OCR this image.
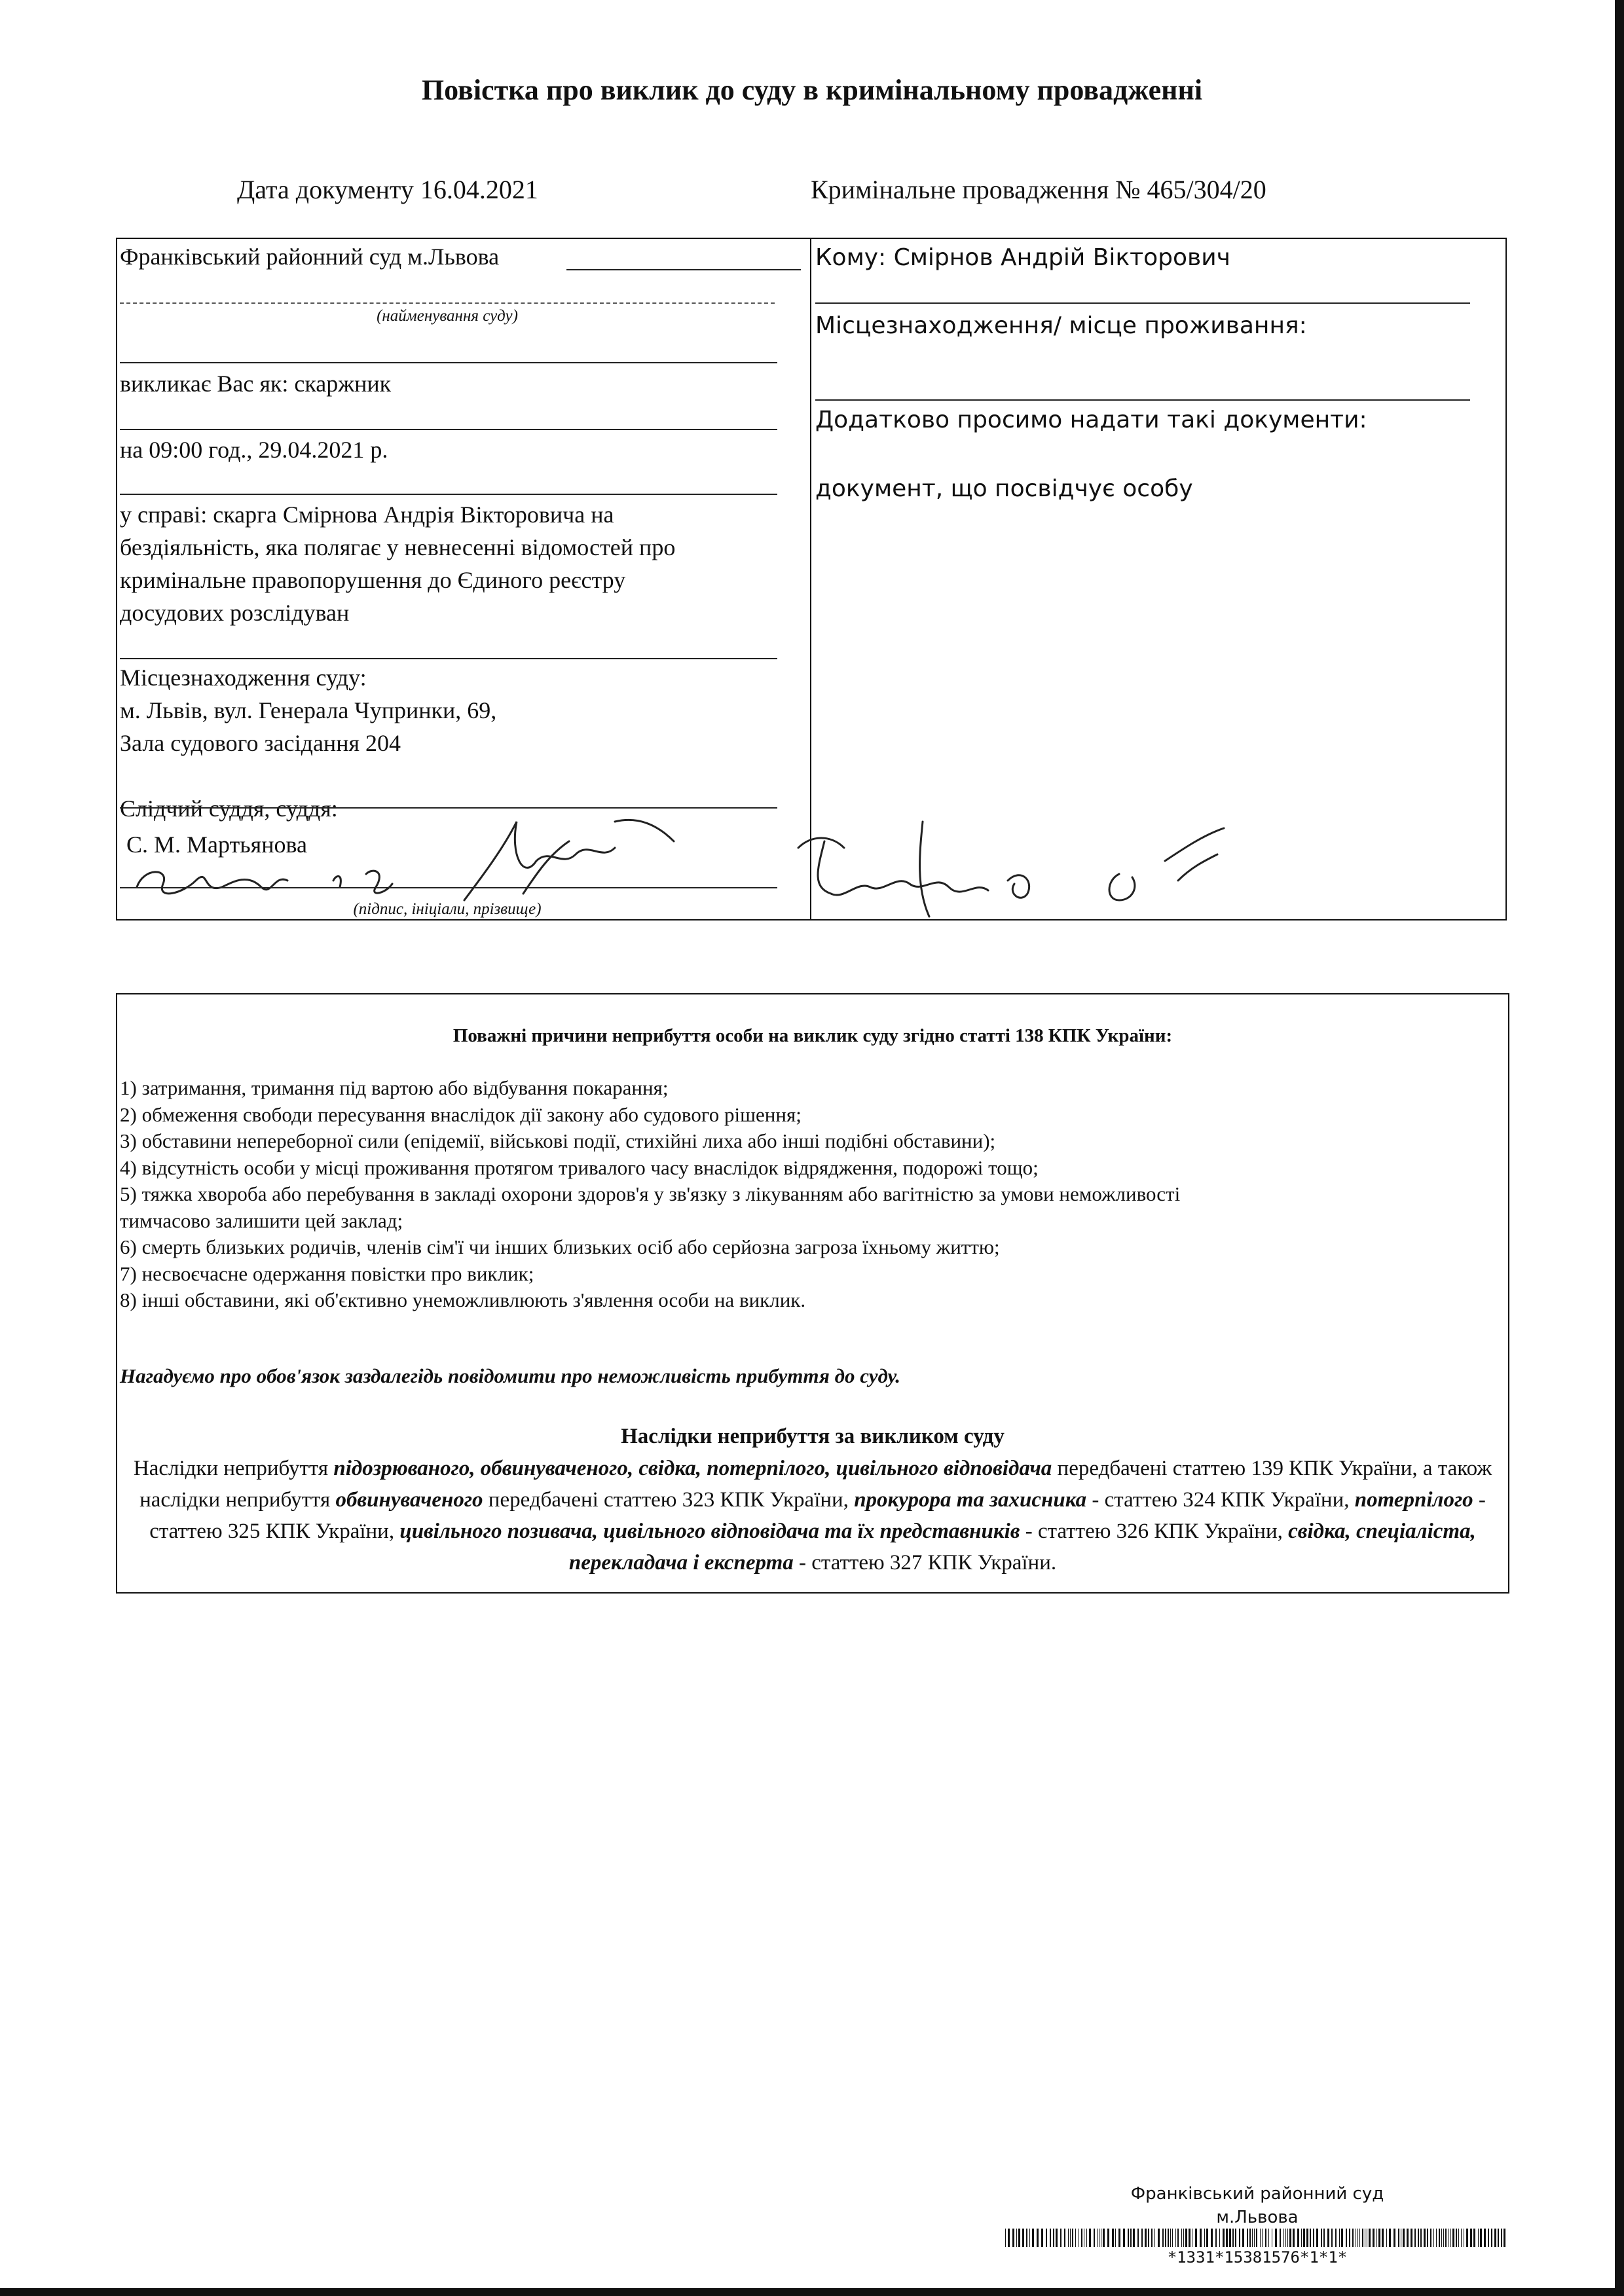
Повістка про виклик до суду в кримінальному провадженні
Дата документу 16.04.2021	Кримінальне провадження № 465/304/20
Франківський районний суд м.Львова
(найменування суду)
викликає Вас як: скаржник
на 09:00 год., 29.04.2021 р.
у справі: скарга Смірнова Андрія Вікторовича на
бездіяльність, яка полягає у невнесенні відомостей про
кримінальне правопорушення до Єдиного реєстру
досудових розслідуван
Місцезнаходження суду:
м. Львів, вул. Генерала Чупринки, 69,
Зала судового засідання 204
Слідчий суддя, суддя:
С. М. Мартьянова
(підпис, ініціали, прізвище)
Кому: Смірнов Андрій Вікторович
Місцезнаходження/ місце проживання:
Додатково просимо надати такі документи:
документ, що посвідчує особу
Поважні причини неприбуття особи на виклик суду згідно статті 138 КПК України:
1) затримання, тримання під вартою або відбування покарання;
2) обмеження свободи пересування внаслідок дії закону або судового рішення;
3) обставини непереборної сили (епідемії, військові події, стихійні лиха або інші подібні обставини);
4) відсутність особи у місці проживання протягом тривалого часу внаслідок відрядження, подорожі тощо;
5) тяжка хвороба або перебування в закладі охорони здоров'я у зв'язку з лікуванням або вагітністю за умови неможливості
тимчасово залишити цей заклад;
6) смерть близьких родичів, членів сім'ї чи інших близьких осіб або серйозна загроза їхньому життю;
7) несвоєчасне одержання повістки про виклик;
8) інші обставини, які об'єктивно унеможливлюють з'явлення особи на виклик.
Нагадуємо про обов'язок заздалегідь повідомити про неможливість прибуття до суду.
Наслідки неприбуття за викликом суду
Наслідки неприбуття підозрюваного, обвинуваченого, свідка, потерпілого, цивільного відповідача передбачені статтею 139 КПК України, а також наслідки неприбуття обвинуваченого передбачені статтею 323 КПК України, прокурора та захисника - статтею 324 КПК України, потерпілого - статтею 325 КПК України, цивільного позивача, цивільного відповідача та їх представників - статтею 326 КПК України, свідка, спеціаліста, перекладача і експерта - статтею 327 КПК України.
Франківський районний суд
м.Львова
*1331*15381576*1*1*
